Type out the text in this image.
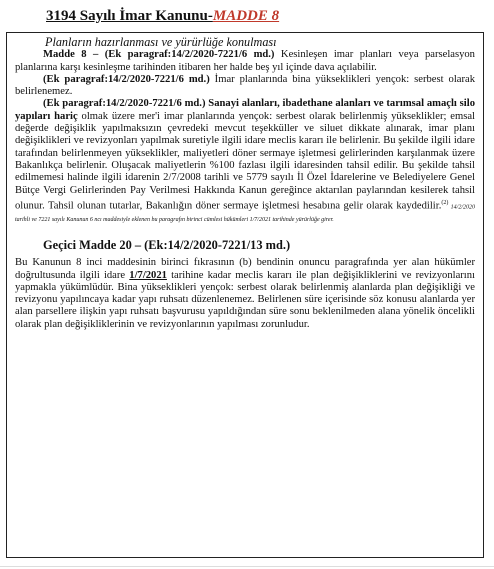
3194 Sayılı İmar Kanunu-MADDE 8
Planların hazırlanması ve yürürlüğe konulması

Madde 8 – (Ek paragraf:14/2/2020-7221/6 md.) Kesinleşen imar planları veya parselasyon planlarına karşı kesinleşme tarihinden itibaren her halde beş yıl içinde dava açılabilir.

(Ek paragraf:14/2/2020-7221/6 md.) İmar planlarında bina yükseklikleri yençok: serbest olarak belirlenemez.

(Ek paragraf:14/2/2020-7221/6 md.) Sanayi alanları, ibadethane alanları ve tarımsal amaçlı silo yapıları hariç olmak üzere mer'i imar planlarında yençok: serbest olarak belirlenmiş yükseklikler; emsal değerde değişiklik yapılmaksızın çevredeki mevcut teşekküller ve siluet dikkate alınarak, imar planı değişiklikleri ve revizyonları yapılmak suretiyle ilgili idare meclis kararı ile belirlenir. Bu şekilde ilgili idare tarafından belirlenmeyen yükseklikler, maliyetleri döner sermaye işletmesi gelirlerinden karşılanmak üzere Bakanlıkça belirlenir. Oluşacak maliyetlerin %100 fazlası ilgili idaresinden tahsil edilir. Bu şekilde tahsil edilmemesi halinde ilgili idarenin 2/7/2008 tarihli ve 5779 sayılı İl Özel İdarelerine ve Belediyelere Genel Bütçe Vergi Gelirlerinden Pay Verilmesi Hakkında Kanun gereğince aktarılan paylarından kesilerek tahsil olunur. Tahsil olunan tutarlar, Bakanlığın döner sermaye işletmesi hesabına gelir olarak kaydedilir.$^{(2)}$ 14/2/2020 tarihli ve 7221 sayılı Kanunun 6 ncı maddesiyle eklenen bu paragrafın birinci cümlesi hükümleri 1/7/2021 tarihinde yürürlüğe girer.

Geçici Madde 20 – (Ek:14/2/2020-7221/13 md.)

Bu Kanunun 8 inci maddesinin birinci fıkrasının (b) bendinin onuncu paragrafında yer alan hükümler doğrultusunda ilgili idare 1/7/2021 tarihine kadar meclis kararı ile plan değişikliklerini ve revizyonlarını yapmakla yükümlüdür. Bina yükseklikleri yençok: serbest olarak belirlenmiş alanlarda plan değişikliği ve revizyonu yapılıncaya kadar yapı ruhsatı düzenlenemez. Belirlenen süre içerisinde söz konusu alanlarda yer alan parsellere ilişkin yapı ruhsatı başvurusu yapıldığından süre sonu beklenilmeden alana yönelik öncelikli olarak plan değişikliklerinin ve revizyonlarının yapılması zorunludur.
